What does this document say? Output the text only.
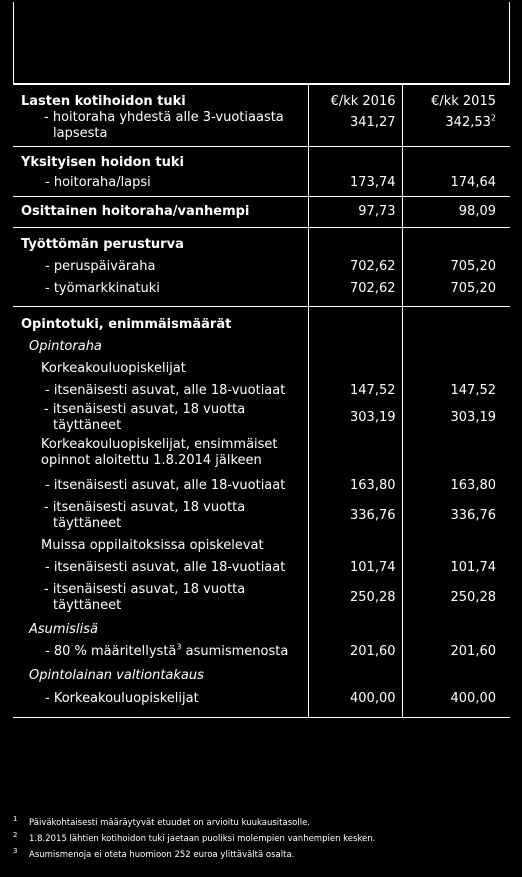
Lasten kotihoidon tuki	€/kk 2016	€/kk 2015
- hoitoraha yhdestä alle 3-vuotiaasta lapsesta	341,27	342,53$^2$
Yksityisen hoidon tuki		
- hoitoraha/lapsi	173,74	174,64
Osittainen hoitoraha/vanhempi	97,73	98,09
Työttömän perusturva		
- peruspäiväraha	702,62	705,20
- työmarkkinatuki	702,62	705,20
Opintotuki, enimmäismäärät		
Opintoraha		
Korkeakouluopiskelijat		
- itsenäisesti asuvat, alle 18-vuotiaat	147,52	147,52
- itsenäisesti asuvat, 18 vuotta täyttäneet	303,19	303,19
Korkeakouluopiskelijat, ensimmäiset opinnot aloitettu 1.8.2014 jälkeen		
- itsenäisesti asuvat, alle 18-vuotiaat	163,80	163,80
- itsenäisesti asuvat, 18 vuotta täyttäneet	336,76	336,76
Muissa oppilaitoksissa opiskelevat		
- itsenäisesti asuvat, alle 18-vuotiaat	101,74	101,74
- itsenäisesti asuvat, 18 vuotta täyttäneet	250,28	250,28
Asumislisä		
- 80 % määritellystä$^3$ asumismenosta	201,60	201,60
Opintolainan valtiontakaus		
- Korkeakouluopiskelijat	400,00	400,00
1	Päiväkohtaisesti määräytyvät etuudet on arvioitu kuukausitasolle.
2	1.8.2015 lähtien kotihoidon tuki jaetaan puoliksi molempien vanhempien kesken.
3	Asumismenoja ei oteta huomioon 252 euroa ylittävältä osalta.
